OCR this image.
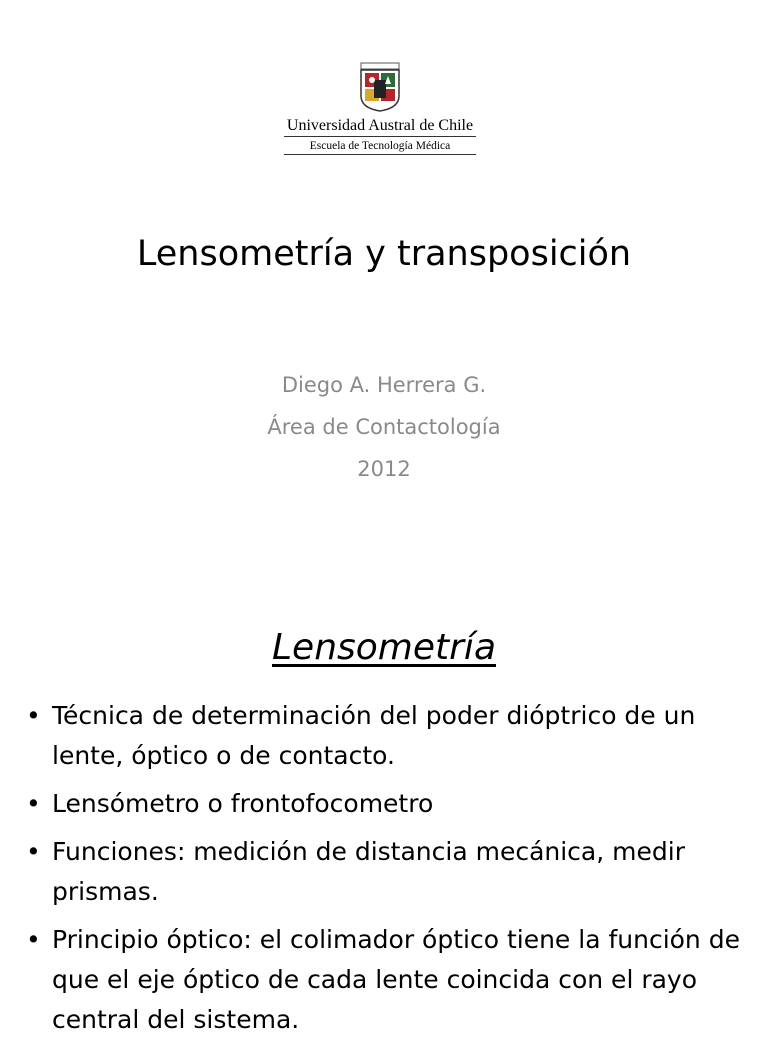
Universidad Austral de Chile
Escuela de Tecnología Médica
Lensometría y transposición
Diego A. Herrera G.
Área de Contactología
2012
Lensometría
• Técnica de determinación del poder dióptrico de un lente, óptico o de contacto.
• Lensómetro o frontofocometro
• Funciones: medición de distancia mecánica, medir prismas.
• Principio óptico: el colimador óptico tiene la función de que el eje óptico de cada lente coincida con el rayo central del sistema.
